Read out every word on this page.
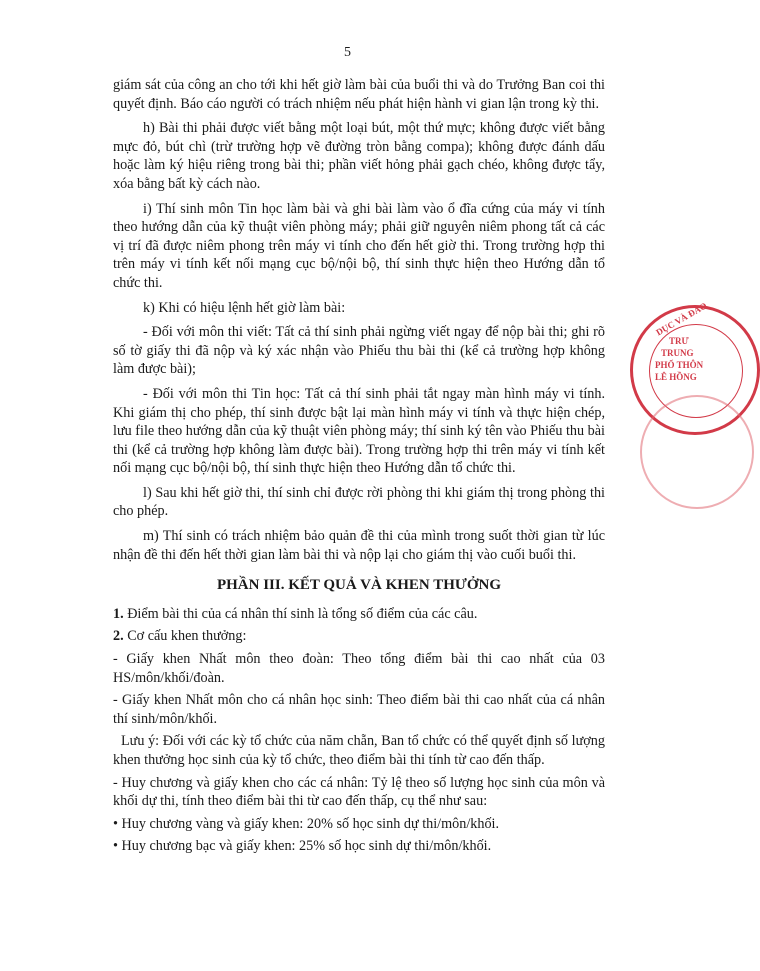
5

giám sát của công an cho tới khi hết giờ làm bài của buổi thi và do Trưởng Ban coi thi quyết định. Báo cáo người có trách nhiệm nếu phát hiện hành vi gian lận trong kỳ thi.

h) Bài thi phải được viết bằng một loại bút, một thứ mực; không được viết bằng mực đỏ, bút chì (trừ trường hợp vẽ đường tròn bằng compa); không được đánh dấu hoặc làm ký hiệu riêng trong bài thi; phần viết hỏng phải gạch chéo, không được tẩy, xóa bằng bất kỳ cách nào.

i) Thí sinh môn Tin học làm bài và ghi bài làm vào ổ đĩa cứng của máy vi tính theo hướng dẫn của kỹ thuật viên phòng máy; phải giữ nguyên niêm phong tất cả các vị trí đã được niêm phong trên máy vi tính cho đến hết giờ thi. Trong trường hợp thi trên máy vi tính kết nối mạng cục bộ/nội bộ, thí sinh thực hiện theo Hướng dẫn tổ chức thi.

k) Khi có hiệu lệnh hết giờ làm bài:

- Đối với môn thi viết: Tất cả thí sinh phải ngừng viết ngay để nộp bài thi; ghi rõ số tờ giấy thi đã nộp và ký xác nhận vào Phiếu thu bài thi (kể cả trường hợp không làm được bài);

- Đối với môn thi Tin học: Tất cả thí sinh phải tắt ngay màn hình máy vi tính. Khi giám thị cho phép, thí sinh được bật lại màn hình máy vi tính và thực hiện chép, lưu file theo hướng dẫn của kỹ thuật viên phòng máy; thí sinh ký tên vào Phiếu thu bài thi (kể cả trường hợp không làm được bài). Trong trường hợp thi trên máy vi tính kết nối mạng cục bộ/nội bộ, thí sinh thực hiện theo Hướng dẫn tổ chức thi.

l) Sau khi hết giờ thi, thí sinh chỉ được rời phòng thi khi giám thị trong phòng thi cho phép.

m) Thí sinh có trách nhiệm bảo quản đề thi của mình trong suốt thời gian từ lúc nhận đề thi đến hết thời gian làm bài thi và nộp lại cho giám thị vào cuối buổi thi.

PHẦN III. KẾT QUẢ VÀ KHEN THƯỞNG

1. Điểm bài thi của cá nhân thí sinh là tổng số điểm của các câu.

2. Cơ cấu khen thưởng:

- Giấy khen Nhất môn theo đoàn: Theo tổng điểm bài thi cao nhất của 03 HS/môn/khối/đoàn.

- Giấy khen Nhất môn cho cá nhân học sinh: Theo điểm bài thi cao nhất của cá nhân thí sinh/môn/khối.

Lưu ý: Đối với các kỳ tổ chức của năm chẵn, Ban tổ chức có thể quyết định số lượng khen thưởng học sinh của kỳ tổ chức, theo điểm bài thi tính từ cao đến thấp.

- Huy chương và giấy khen cho các cá nhân: Tỷ lệ theo số lượng học sinh của môn và khối dự thi, tính theo điểm bài thi từ cao đến thấp, cụ thể như sau:

• Huy chương vàng và giấy khen: 20% số học sinh dự thi/môn/khối.

• Huy chương bạc và giấy khen: 25% số học sinh dự thi/môn/khối.

DỤC VÀ ĐÀO
TRƯ
TRUNG
PHỔ THÔN
LÊ HỒNG
